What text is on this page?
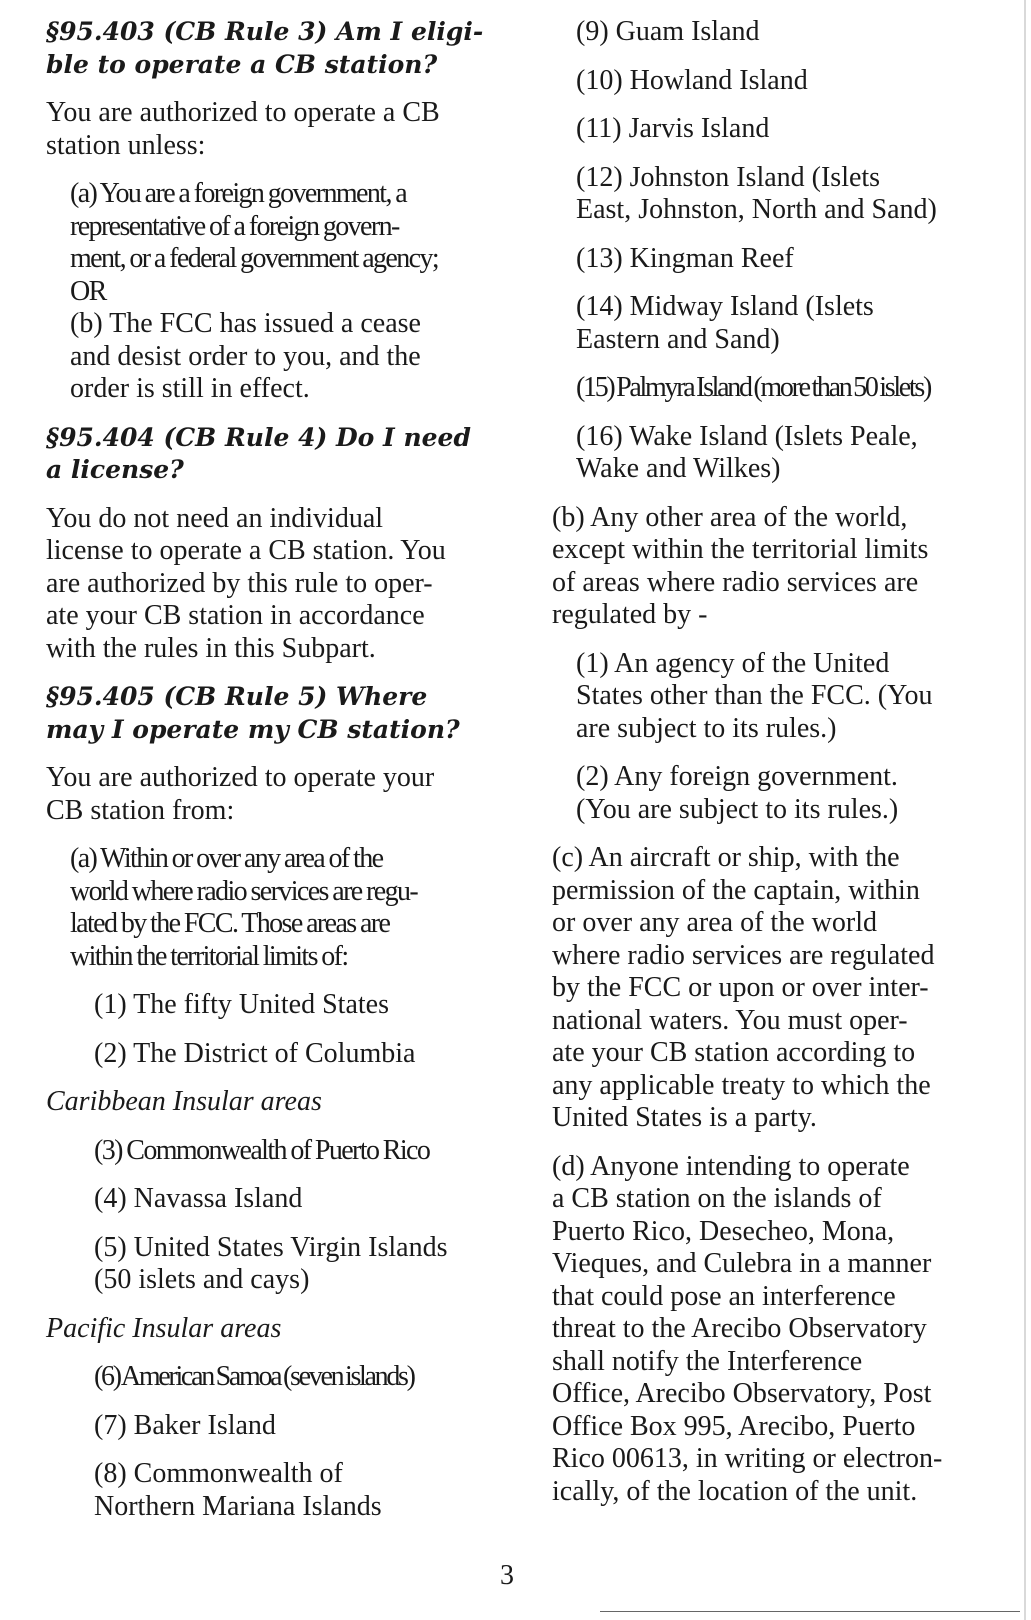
§95.403 (CB Rule 3) Am I eligi-
ble to operate a CB station?
You are authorized to operate a CB
station unless:
(a) You are a foreign government, a
representative of a foreign govern-
ment, or a federal government agency;
OR
(b) The FCC has issued a cease
and desist order to you, and the
order is still in effect.
§95.404 (CB Rule 4) Do I need
a license?
You do not need an individual
license to operate a CB station. You
are authorized by this rule to oper-
ate your CB station in accordance
with the rules in this Subpart.
§95.405 (CB Rule 5) Where
may I operate my CB station?
You are authorized to operate your
CB station from:
(a) Within or over any area of the
world where radio services are regu-
lated by the FCC. Those areas are
within the territorial limits of:
(1) The fifty United States
(2) The District of Columbia
Caribbean Insular areas
(3) Commonwealth of Puerto Rico
(4) Navassa Island
(5) United States Virgin Islands
(50 islets and cays)
Pacific Insular areas
(6) American Samoa (seven islands)
(7) Baker Island
(8) Commonwealth of
Northern Mariana Islands
(9) Guam Island
(10) Howland Island
(11) Jarvis Island
(12) Johnston Island (Islets
East, Johnston, North and Sand)
(13) Kingman Reef
(14) Midway Island (Islets
Eastern and Sand)
(15) Palmyra Island (more than 50 islets)
(16) Wake Island (Islets Peale,
Wake and Wilkes)
(b) Any other area of the world,
except within the territorial limits
of areas where radio services are
regulated by -
(1) An agency of the United
States other than the FCC. (You
are subject to its rules.)
(2) Any foreign government.
(You are subject to its rules.)
(c) An aircraft or ship, with the
permission of the captain, within
or over any area of the world
where radio services are regulated
by the FCC or upon or over inter-
national waters. You must oper-
ate your CB station according to
any applicable treaty to which the
United States is a party.
(d) Anyone intending to operate
a CB station on the islands of
Puerto Rico, Desecheo, Mona,
Vieques, and Culebra in a manner
that could pose an interference
threat to the Arecibo Observatory
shall notify the Interference
Office, Arecibo Observatory, Post
Office Box 995, Arecibo, Puerto
Rico 00613, in writing or electron-
ically, of the location of the unit.
3
